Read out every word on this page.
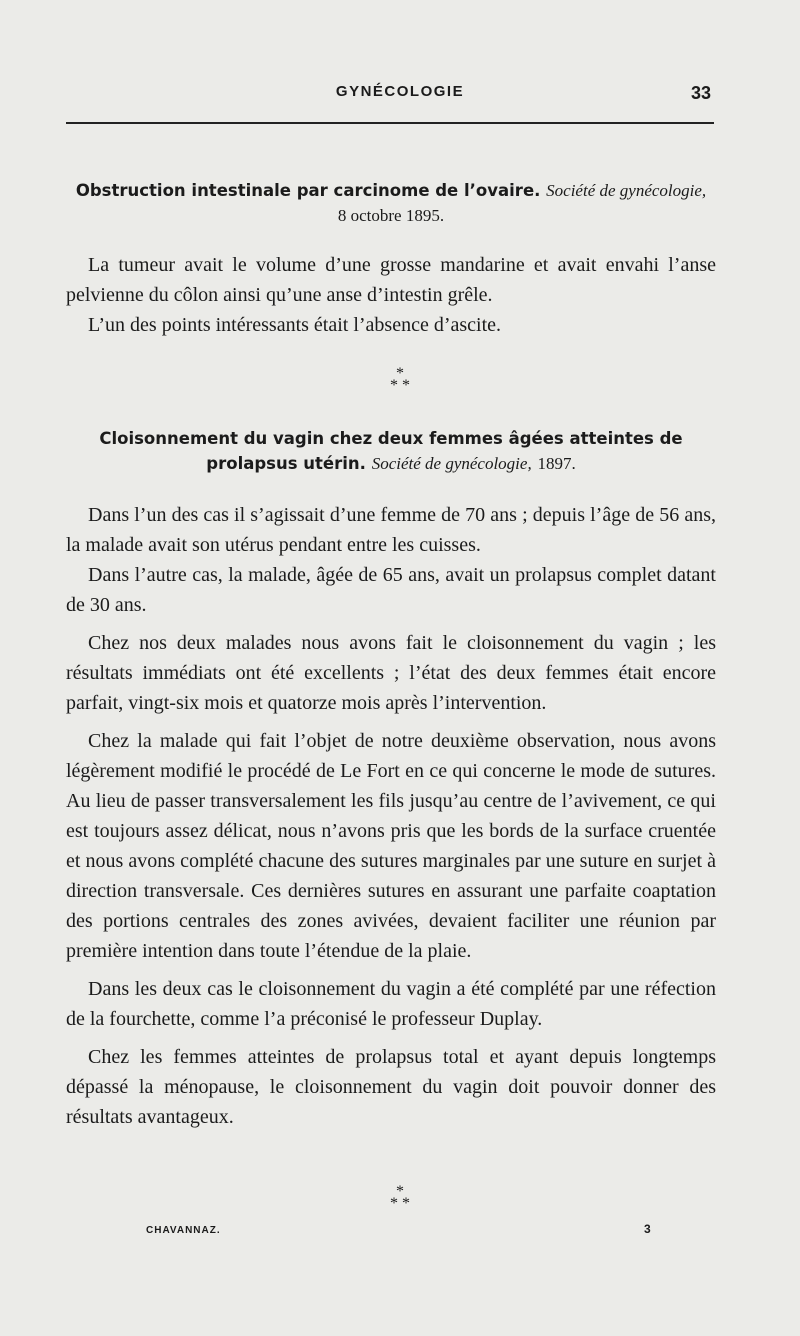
GYNÉCOLOGIE	33

Obstruction intestinale par carcinome de l’ovaire. Société de gynécologie,
8 octobre 1895.

La tumeur avait le volume d’une grosse mandarine et avait envahi l’anse pelvienne du côlon ainsi qu’une anse d’intestin grêle.

L’un des points intéressants était l’absence d’ascite.

*
* *

Cloisonnement du vagin chez deux femmes âgées atteintes de prolapsus utérin. Société de gynécologie, 1897.

Dans l’un des cas il s’agissait d’une femme de 70 ans ; depuis l’âge de 56 ans, la malade avait son utérus pendant entre les cuisses.

Dans l’autre cas, la malade, âgée de 65 ans, avait un prolapsus complet datant de 30 ans.

Chez nos deux malades nous avons fait le cloisonnement du vagin ; les résultats immédiats ont été excellents ; l’état des deux femmes était encore parfait, vingt-six mois et quatorze mois après l’intervention.

Chez la malade qui fait l’objet de notre deuxième observation, nous avons légèrement modifié le procédé de Le Fort en ce qui concerne le mode de sutures. Au lieu de passer transversalement les fils jusqu’au centre de l’avivement, ce qui est toujours assez délicat, nous n’avons pris que les bords de la surface cruentée et nous avons complété chacune des sutures marginales par une suture en surjet à direction transversale. Ces dernières sutures en assurant une parfaite coaptation des portions centrales des zones avivées, devaient faciliter une réunion par première intention dans toute l’étendue de la plaie.

Dans les deux cas le cloisonnement du vagin a été complété par une réfection de la fourchette, comme l’a préconisé le professeur Duplay.

Chez les femmes atteintes de prolapsus total et ayant depuis longtemps dépassé la ménopause, le cloisonnement du vagin doit pouvoir donner des résultats avantageux.

*
* *
CHAVANNAZ.	3
